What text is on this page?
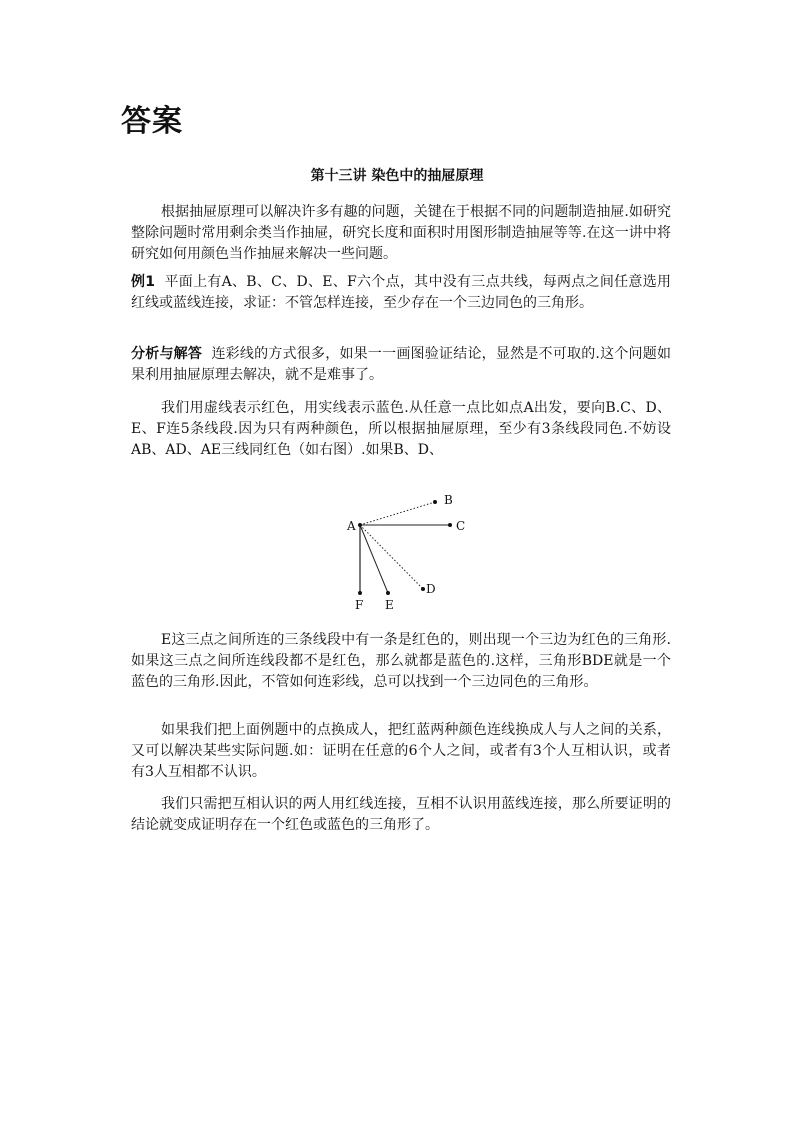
答案
第十三讲 染色中的抽屉原理

根据抽屉原理可以解决许多有趣的问题，关键在于根据不同的问题制造抽屉.如研究整除问题时常用剩余类当作抽屉，研究长度和面积时用图形制造抽屉等等.在这一讲中将研究如何用颜色当作抽屉来解决一些问题。

例1 平面上有A、B、C、D、E、F六个点，其中没有三点共线，每两点之间任意选用红线或蓝线连接，求证：不管怎样连接，至少存在一个三边同色的三角形。

分析与解答 连彩线的方式很多，如果一一画图验证结论，显然是不可取的.这个问题如果利用抽屉原理去解决，就不是难事了。

我们用虚线表示红色，用实线表示蓝色.从任意一点比如点A出发，要向B.C、D、E、F连5条线段.因为只有两种颜色，所以根据抽屉原理，至少有3条线段同色.不妨设AB、AD、AE三线同红色（如右图）.如果B、D、

A
B
C
D
E
F

E这三点之间所连的三条线段中有一条是红色的，则出现一个三边为红色的三角形.如果这三点之间所连线段都不是红色，那么就都是蓝色的.这样，三角形BDE就是一个蓝色的三角形.因此，不管如何连彩线，总可以找到一个三边同色的三角形。

如果我们把上面例题中的点换成人，把红蓝两种颜色连线换成人与人之间的关系，又可以解决某些实际问题.如：证明在任意的6个人之间，或者有3个人互相认识，或者有3人互相都不认识。

我们只需把互相认识的两人用红线连接，互相不认识用蓝线连接，那么所要证明的结论就变成证明存在一个红色或蓝色的三角形了。
